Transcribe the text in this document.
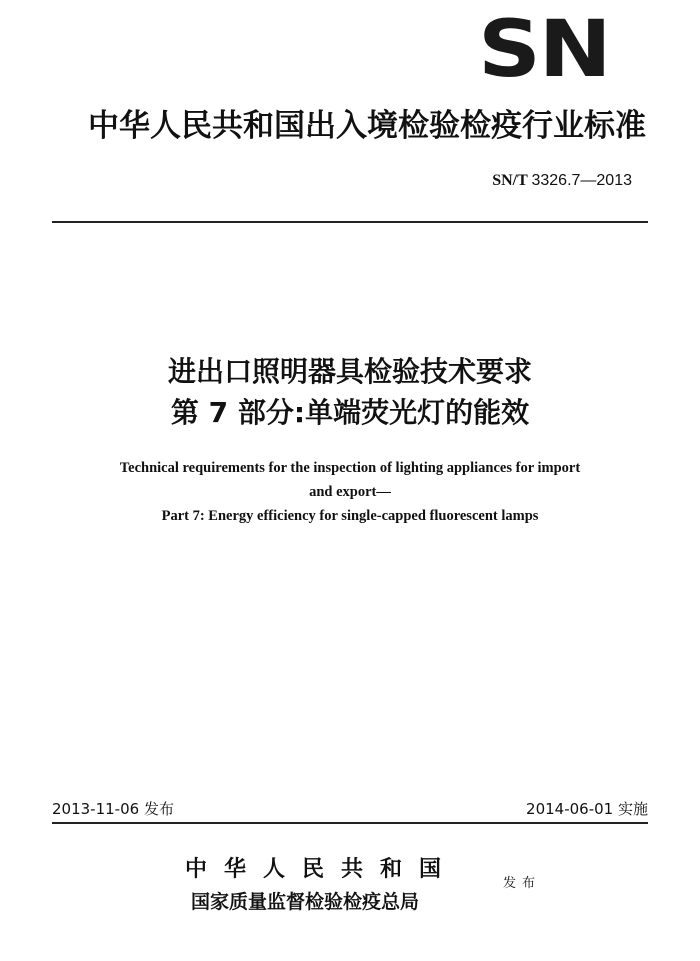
SN
中华人民共和国出入境检验检疫行业标准
SN/T 3326.7—2013
进出口照明器具检验技术要求
第 7 部分:单端荧光灯的能效
Technical requirements for the inspection of lighting appliances for import
and export—
Part 7: Energy efficiency for single-capped fluorescent lamps
2013-11-06 发布	2014-06-01 实施
中华人民共和国
国家质量监督检验检疫总局
发布
